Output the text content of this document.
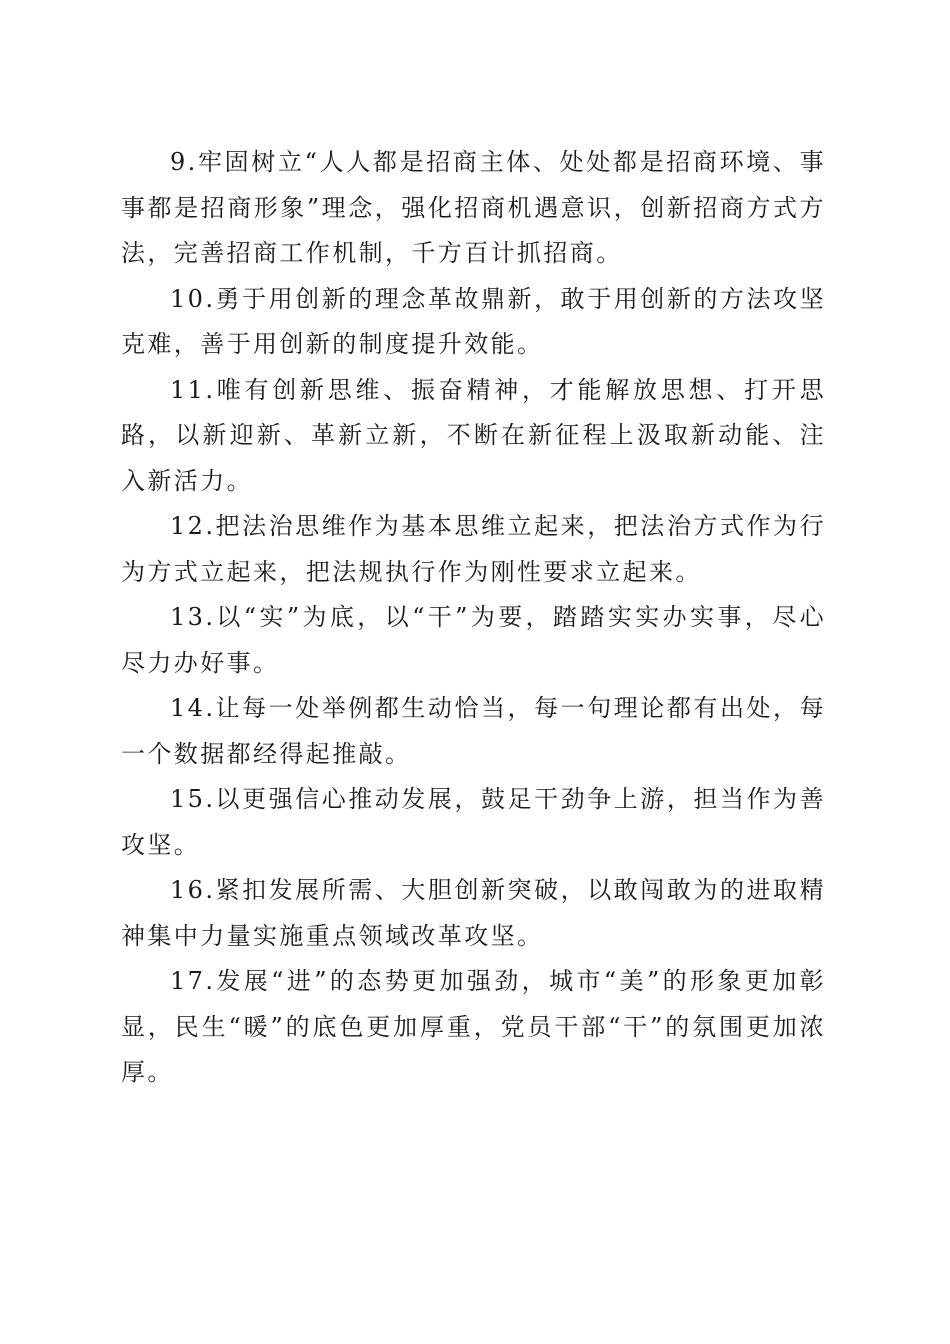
9.牢固树立“人人都是招商主体、处处都是招商环境、事事都是招商形象”理念，强化招商机遇意识，创新招商方式方法，完善招商工作机制，千方百计抓招商。

10.勇于用创新的理念革故鼎新，敢于用创新的方法攻坚克难，善于用创新的制度提升效能。

11.唯有创新思维、振奋精神，才能解放思想、打开思路，以新迎新、革新立新，不断在新征程上汲取新动能、注入新活力。

12.把法治思维作为基本思维立起来，把法治方式作为行为方式立起来，把法规执行作为刚性要求立起来。

13.以“实”为底，以“干”为要，踏踏实实办实事，尽心尽力办好事。

14.让每一处举例都生动恰当，每一句理论都有出处，每一个数据都经得起推敲。

15.以更强信心推动发展，鼓足干劲争上游，担当作为善攻坚。

16.紧扣发展所需、大胆创新突破，以敢闯敢为的进取精神集中力量实施重点领域改革攻坚。

17.发展“进”的态势更加强劲，城市“美”的形象更加彰显，民生“暖”的底色更加厚重，党员干部“干”的氛围更加浓厚。
